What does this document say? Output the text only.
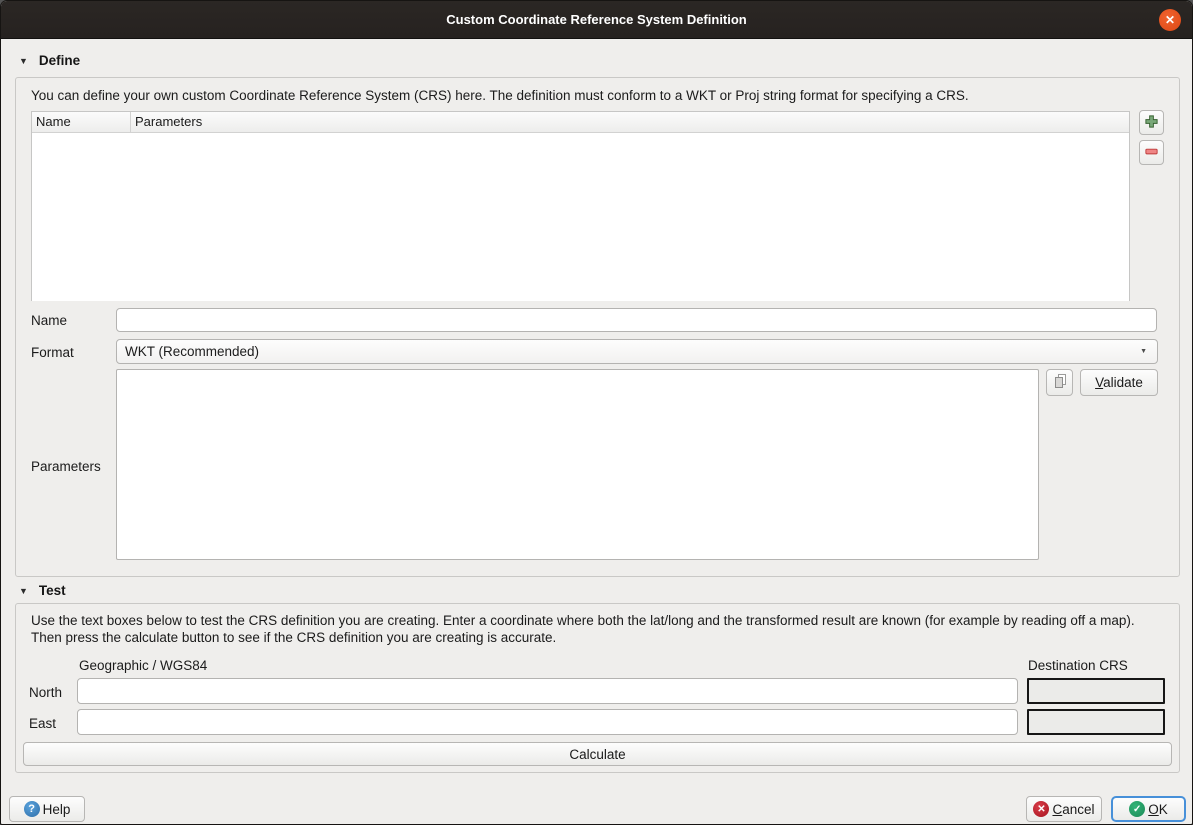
Custom Coordinate Reference System Definition	✕
▼ Define
You can define your own custom Coordinate Reference System (CRS) here. The definition must conform to a WKT or Proj string format for specifying a CRS.
Name	Parameters
Name
Format	WKT (Recommended)	▼
Validate
Parameters
▼ Test
Use the text boxes below to test the CRS definition you are creating. Enter a coordinate where both the lat/long and the transformed result are known (for example by reading off a map). Then press the calculate button to see if the CRS definition you are creating is accurate.
Geographic / WGS84	Destination CRS
North
East
Calculate
? Help	✕ Cancel	✓ OK
